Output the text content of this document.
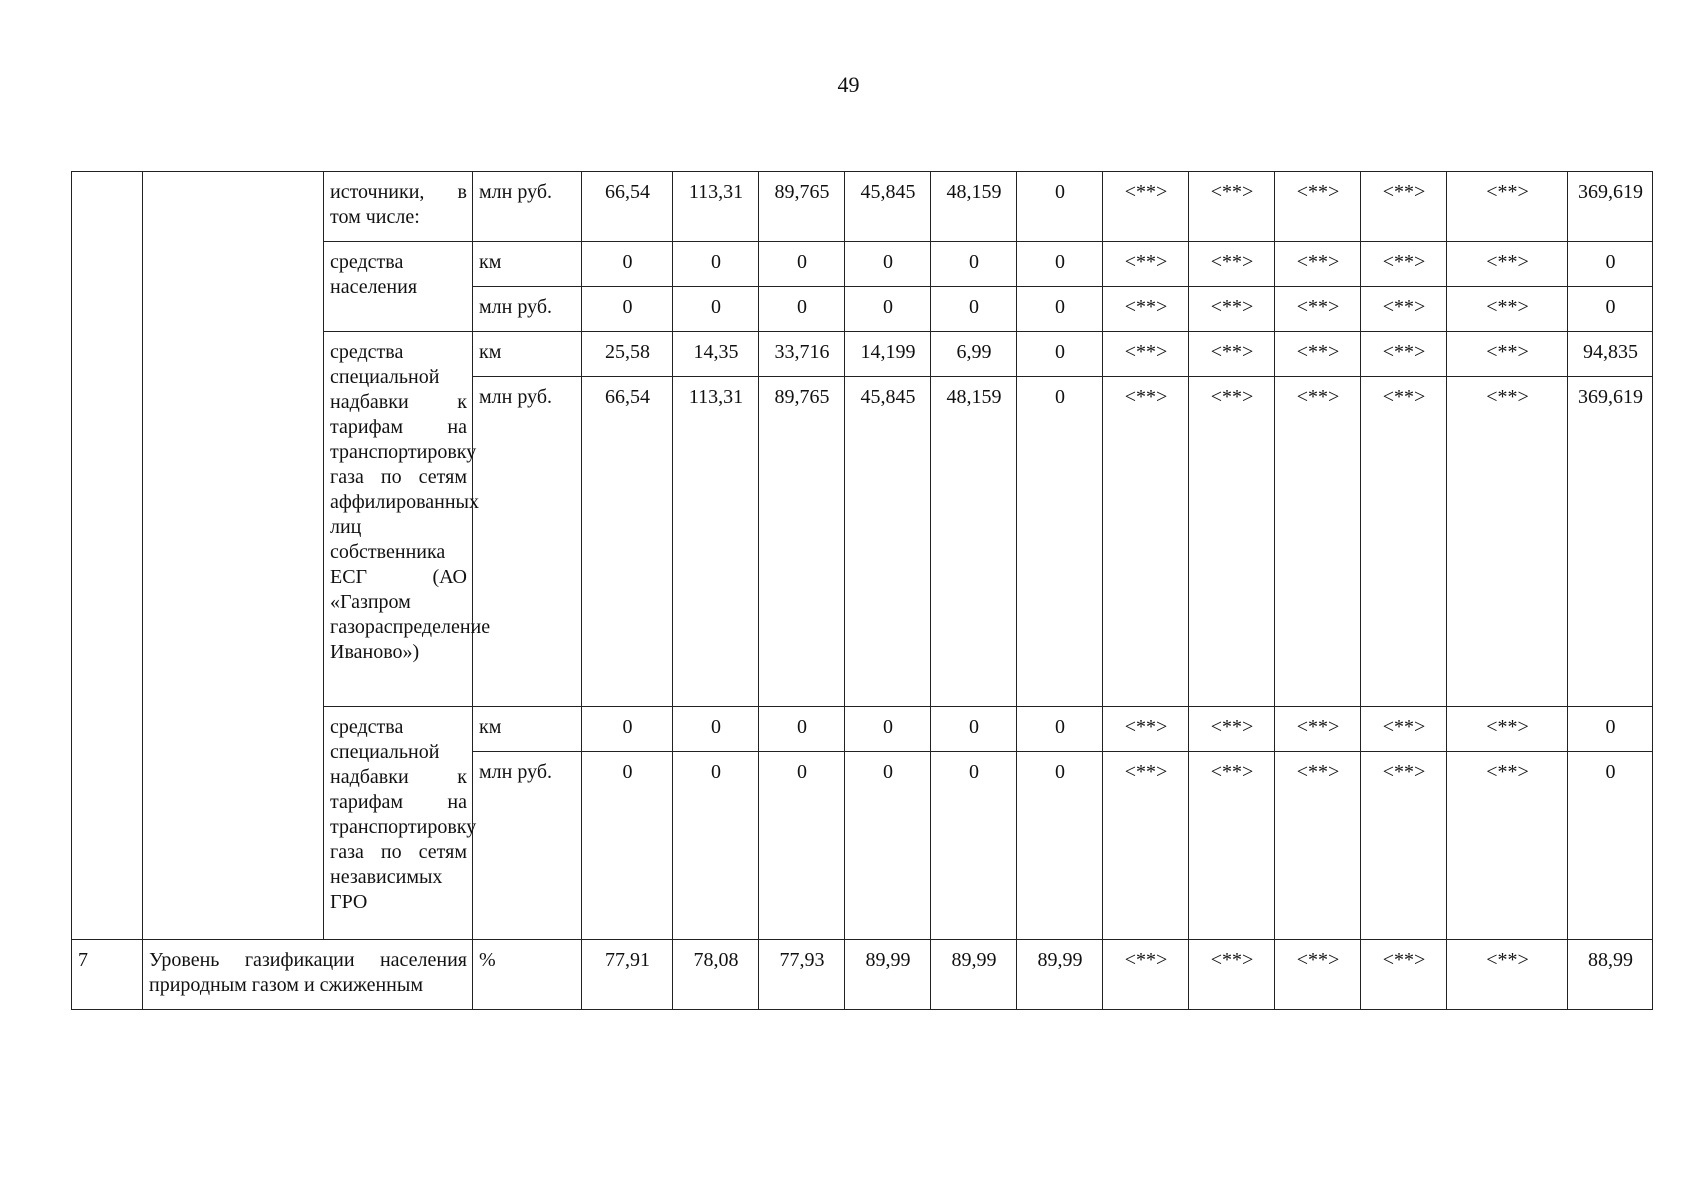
49
		источники, в том числе:	млн руб.	66,54	113,31	89,765	45,845	48,159	0	<**>	<**>	<**>	<**>	<**>	369,619
		средства населения	км	0	0	0	0	0	0	<**>	<**>	<**>	<**>	<**>	0
			млн руб.	0	0	0	0	0	0	<**>	<**>	<**>	<**>	<**>	0
		средства специальной надбавки к тарифам на транспортировку газа по сетям аффилированных лиц собственника ЕСГ (АО «Газпром газораспределение Иваново»)	км	25,58	14,35	33,716	14,199	6,99	0	<**>	<**>	<**>	<**>	<**>	94,835
			млн руб.	66,54	113,31	89,765	45,845	48,159	0	<**>	<**>	<**>	<**>	<**>	369,619
		средства специальной надбавки к тарифам на транспортировку газа по сетям независимых ГРО	км	0	0	0	0	0	0	<**>	<**>	<**>	<**>	<**>	0
			млн руб.	0	0	0	0	0	0	<**>	<**>	<**>	<**>	<**>	0
7	Уровень газификации населения природным газом и сжиженным		%	77,91	78,08	77,93	89,99	89,99	89,99	<**>	<**>	<**>	<**>	<**>	88,99
